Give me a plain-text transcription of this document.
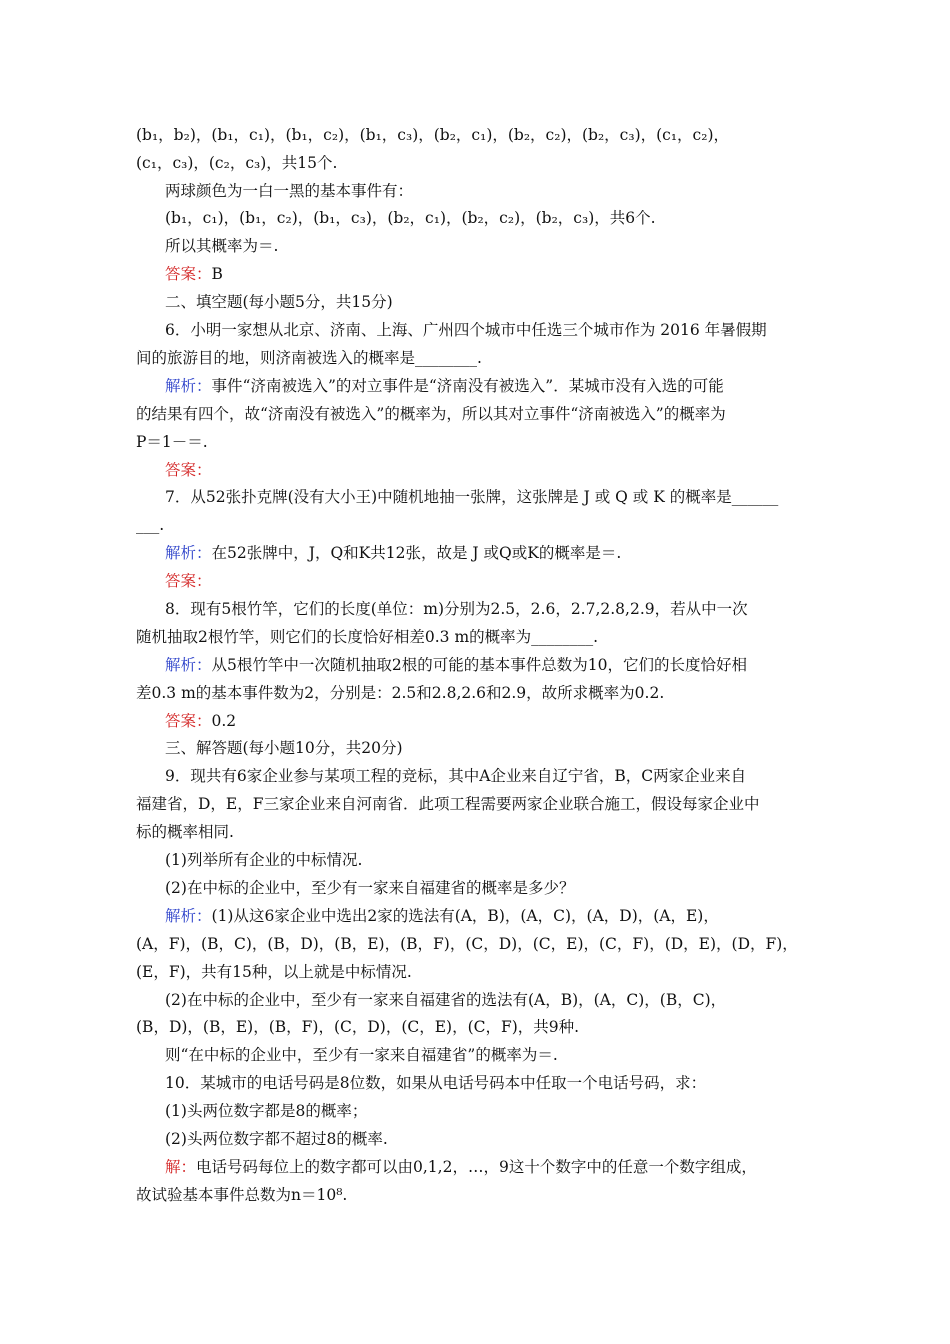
(b₁，b₂)，(b₁，c₁)，(b₁，c₂)，(b₁，c₃)，(b₂，c₁)，(b₂，c₂)，(b₂，c₃)，(c₁，c₂)，
(c₁，c₃)，(c₂，c₃)，共15个.
两球颜色为一白一黑的基本事件有：
(b₁，c₁)，(b₁，c₂)，(b₁，c₃)，(b₂，c₁)，(b₂，c₂)，(b₂，c₃)，共6个.
所以其概率为＝.
答案：B
二、填空题(每小题5分，共15分)
6．小明一家想从北京、济南、上海、广州四个城市中任选三个城市作为 2016 年暑假期
间的旅游目的地，则济南被选入的概率是________.
解析：事件“济南被选入”的对立事件是“济南没有被选入”．某城市没有入选的可能
的结果有四个，故“济南没有被选入”的概率为，所以其对立事件“济南被选入”的概率为
P＝1－＝.
答案：
7．从52张扑克牌(没有大小王)中随机地抽一张牌，这张牌是 J 或 Q 或 K 的概率是______
___.
解析：在52张牌中，J，Q和K共12张，故是 J 或Q或K的概率是＝.
答案：
8．现有5根竹竿，它们的长度(单位：m)分别为2.5，2.6，2.7,2.8,2.9，若从中一次
随机抽取2根竹竿，则它们的长度恰好相差0.3 m的概率为________.
解析：从5根竹竿中一次随机抽取2根的可能的基本事件总数为10，它们的长度恰好相
差0.3 m的基本事件数为2，分别是：2.5和2.8,2.6和2.9，故所求概率为0.2.
答案：0.2
三、解答题(每小题10分，共20分)
9．现共有6家企业参与某项工程的竞标，其中A企业来自辽宁省，B，C两家企业来自
福建省，D，E，F三家企业来自河南省．此项工程需要两家企业联合施工，假设每家企业中
标的概率相同.
(1)列举所有企业的中标情况.
(2)在中标的企业中，至少有一家来自福建省的概率是多少？
解析：(1)从这6家企业中选出2家的选法有(A，B)，(A，C)，(A，D)，(A，E)，
(A，F)，(B，C)，(B，D)，(B，E)，(B，F)，(C，D)，(C，E)，(C，F)，(D，E)，(D，F)，
(E，F)，共有15种，以上就是中标情况.
(2)在中标的企业中，至少有一家来自福建省的选法有(A，B)，(A，C)，(B，C)，
(B，D)，(B，E)，(B，F)，(C，D)，(C，E)，(C，F)，共9种.
则“在中标的企业中，至少有一家来自福建省”的概率为＝.
10．某城市的电话号码是8位数，如果从电话号码本中任取一个电话号码，求：
(1)头两位数字都是8的概率；
(2)头两位数字都不超过8的概率.
解：电话号码每位上的数字都可以由0,1,2，…，9这十个数字中的任意一个数字组成，
故试验基本事件总数为n＝10⁸.
